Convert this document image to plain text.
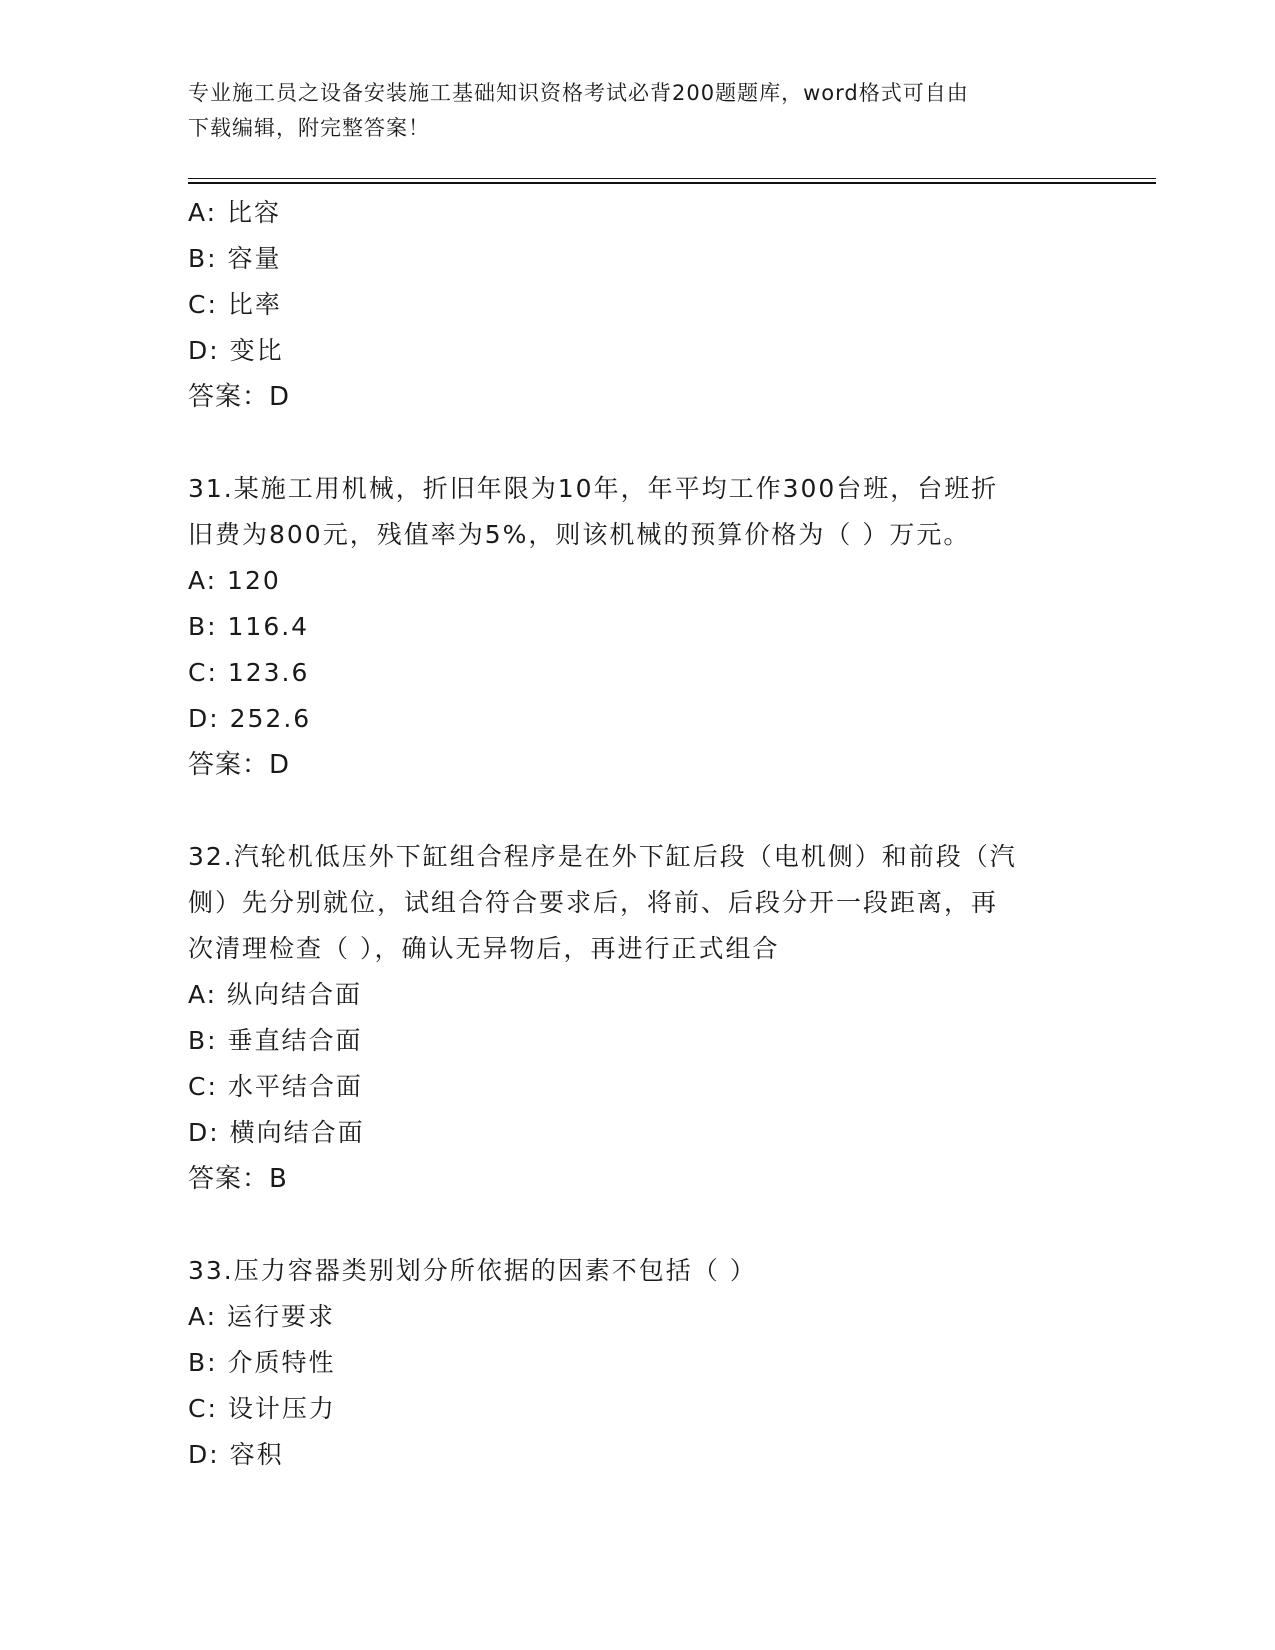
专业施工员之设备安装施工基础知识资格考试必背200题题库，word格式可自由
下载编辑，附完整答案！
A: 比容
B: 容量
C: 比率
D: 变比
答案：D
31.某施工用机械，折旧年限为10年，年平均工作300台班，台班折
旧费为800元，残值率为5%，则该机械的预算价格为（ ）万元。
A: 120
B: 116.4
C: 123.6
D: 252.6
答案：D
32.汽轮机低压外下缸组合程序是在外下缸后段（电机侧）和前段（汽
侧）先分别就位，试组合符合要求后，将前、后段分开一段距离，再
次清理检查（ ），确认无异物后，再进行正式组合
A: 纵向结合面
B: 垂直结合面
C: 水平结合面
D: 横向结合面
答案：B
33.压力容器类别划分所依据的因素不包括（ ）
A: 运行要求
B: 介质特性
C: 设计压力
D: 容积
